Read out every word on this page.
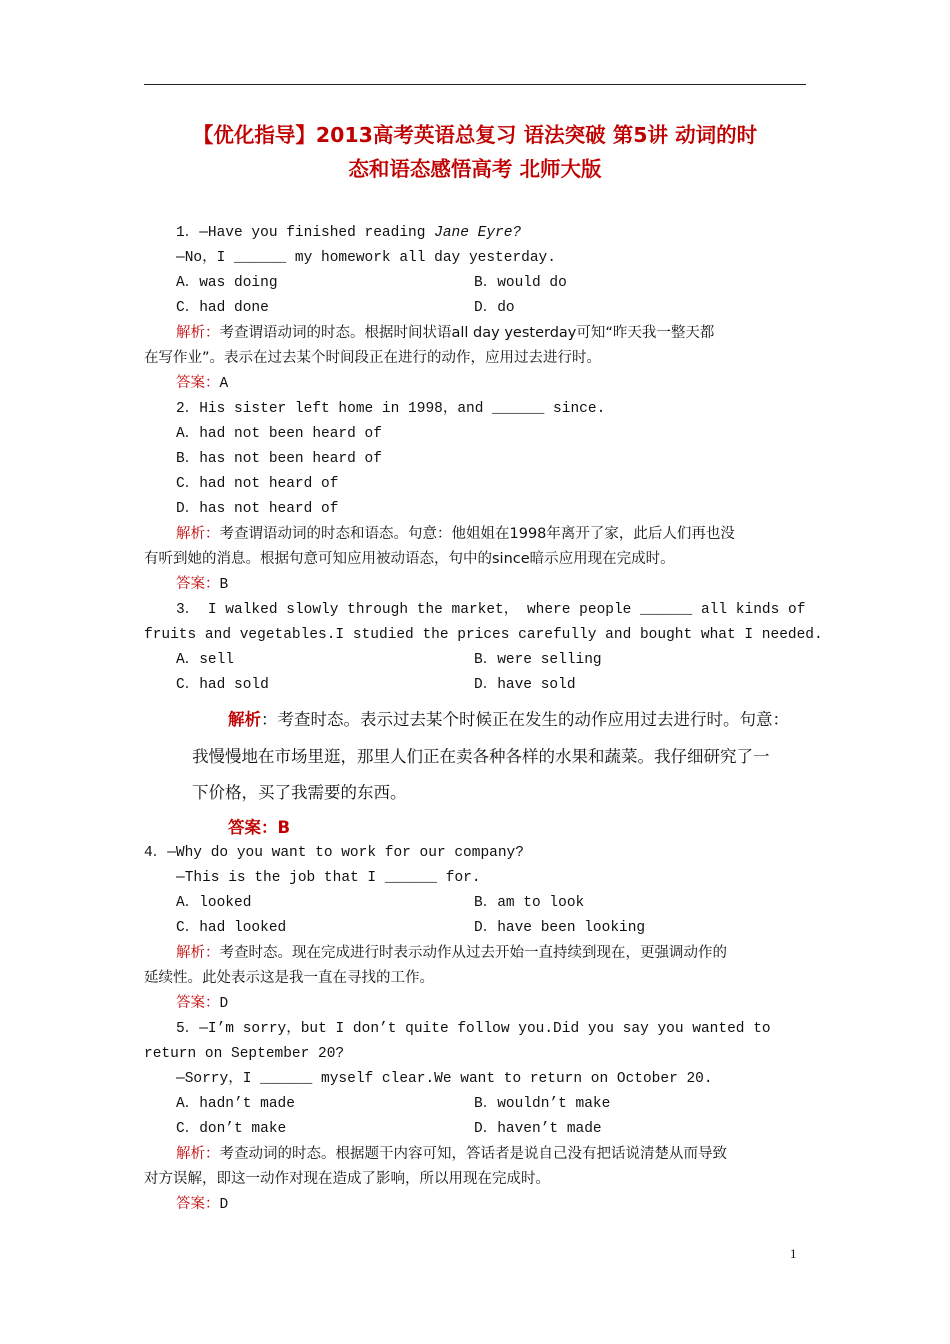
【优化指导】2013高考英语总复习 语法突破 第5讲 动词的时
态和语态感悟高考 北师大版
1．—Have you finished reading Jane Eyre?
—No，I ______ my homework all day yesterday.
A．was doing	B．would do
C．had done	D．do
解析：考查谓语动词的时态。根据时间状语all day yesterday可知“昨天我一整天都
在写作业”。表示在过去某个时间段正在进行的动作，应用过去进行时。
答案：A
2．His sister left home in 1998，and ______ since.
A．had not been heard of
B．has not been heard of
C．had not heard of
D．has not heard of
解析：考查谓语动词的时态和语态。句意：他姐姐在1998年离开了家，此后人们再也没
有听到她的消息。根据句意可知应用被动语态，句中的since暗示应用现在完成时。
答案：B
3． I walked slowly through the market， where people ______ all kinds of
fruits and vegetables.I studied the prices carefully and bought what I needed.
A．sell	B．were selling
C．had sold	D．have sold
解析：考查时态。表示过去某个时候正在发生的动作应用过去进行时。句意：
我慢慢地在市场里逛，那里人们正在卖各种各样的水果和蔬菜。我仔细研究了一
下价格，买了我需要的东西。
答案：B
4．—Why do you want to work for our company?
—This is the job that I ______ for.
A．looked	B．am to look
C．had looked	D．have been looking
解析：考查时态。现在完成进行时表示动作从过去开始一直持续到现在，更强调动作的
延续性。此处表示这是我一直在寻找的工作。
答案：D
5．—I’m sorry，but I don’t quite follow you.Did you say you wanted to
return on September 20?
—Sorry，I ______ myself clear.We want to return on October 20.
A．hadn’t made	B．wouldn’t make
C．don’t make	D．haven’t made
解析：考查动词的时态。根据题干内容可知，答话者是说自己没有把话说清楚从而导致
对方误解，即这一动作对现在造成了影响，所以用现在完成时。
答案：D
1
